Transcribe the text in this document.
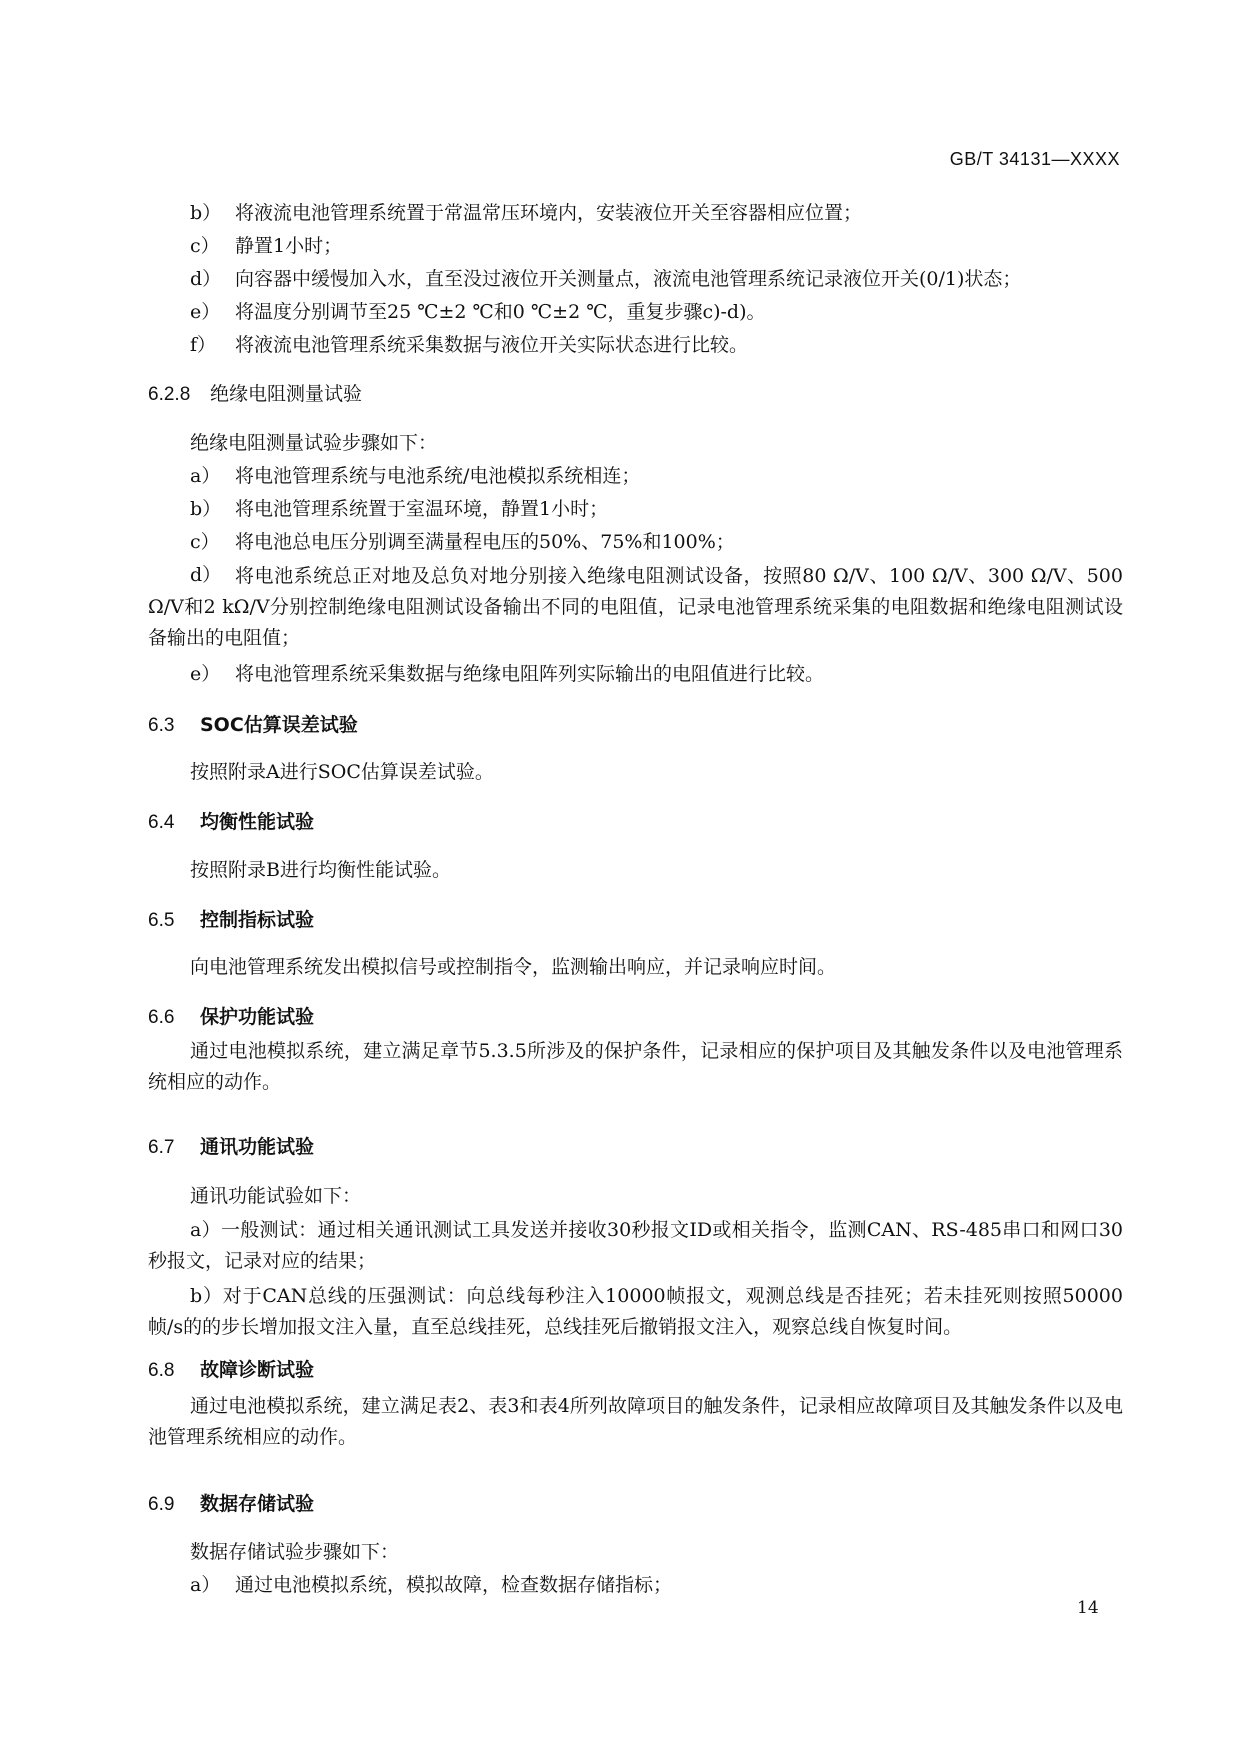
GB/T 34131—XXXX
b） 将液流电池管理系统置于常温常压环境内，安装液位开关至容器相应位置；
c） 静置1小时；
d） 向容器中缓慢加入水，直至没过液位开关测量点，液流电池管理系统记录液位开关(0/1)状态；
e） 将温度分别调节至25 ℃±2 ℃和0 ℃±2 ℃，重复步骤c)-d)。
f） 将液流电池管理系统采集数据与液位开关实际状态进行比较。
6.2.8 绝缘电阻测量试验
绝缘电阻测量试验步骤如下：
a） 将电池管理系统与电池系统/电池模拟系统相连；
b） 将电池管理系统置于室温环境，静置1小时；
c） 将电池总电压分别调至满量程电压的50%、75%和100%；
d） 将电池系统总正对地及总负对地分别接入绝缘电阻测试设备，按照80 Ω/V、100 Ω/V、300 Ω/V、500 Ω/V和2 kΩ/V分别控制绝缘电阻测试设备输出不同的电阻值，记录电池管理系统采集的电阻数据和绝缘电阻测试设备输出的电阻值；
e） 将电池管理系统采集数据与绝缘电阻阵列实际输出的电阻值进行比较。
6.3 SOC估算误差试验
按照附录A进行SOC估算误差试验。
6.4 均衡性能试验
按照附录B进行均衡性能试验。
6.5 控制指标试验
向电池管理系统发出模拟信号或控制指令，监测输出响应，并记录响应时间。
6.6 保护功能试验
通过电池模拟系统，建立满足章节5.3.5所涉及的保护条件，记录相应的保护项目及其触发条件以及电池管理系统相应的动作。
6.7 通讯功能试验
通讯功能试验如下：
a）一般测试：通过相关通讯测试工具发送并接收30秒报文ID或相关指令，监测CAN、RS-485串口和网口30秒报文，记录对应的结果；
b）对于CAN总线的压强测试：向总线每秒注入10000帧报文，观测总线是否挂死；若未挂死则按照50000帧/s的的步长增加报文注入量，直至总线挂死，总线挂死后撤销报文注入，观察总线自恢复时间。
6.8 故障诊断试验
通过电池模拟系统，建立满足表2、表3和表4所列故障项目的触发条件，记录相应故障项目及其触发条件以及电池管理系统相应的动作。
6.9 数据存储试验
数据存储试验步骤如下：
a） 通过电池模拟系统，模拟故障，检查数据存储指标；
14
